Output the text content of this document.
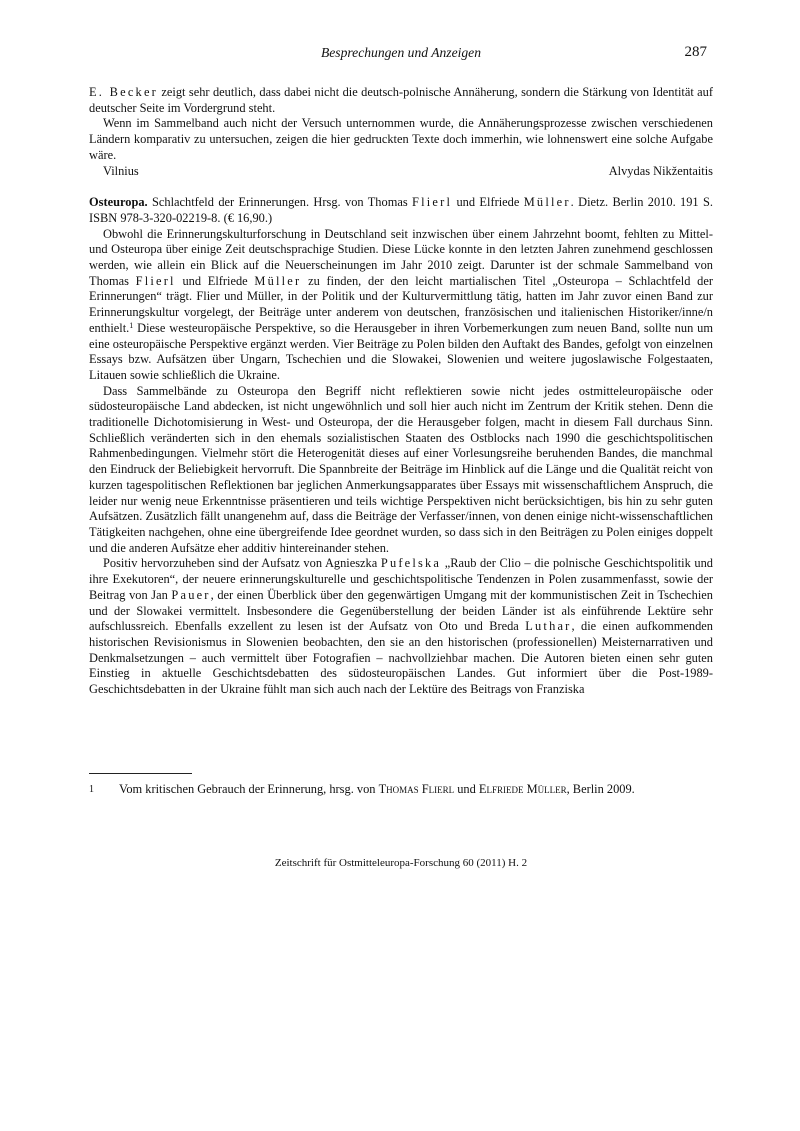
Besprechungen und Anzeigen	287

E. Becker zeigt sehr deutlich, dass dabei nicht die deutsch-polnische Annäherung, sondern die Stärkung von Identität auf deutscher Seite im Vordergrund steht.

Wenn im Sammelband auch nicht der Versuch unternommen wurde, die Annäherungsprozesse zwischen verschiedenen Ländern komparativ zu untersuchen, zeigen die hier gedruckten Texte doch immerhin, wie lohnenswert eine solche Aufgabe wäre.

Vilnius	Alvydas Nikžentaitis

Osteuropa. Schlachtfeld der Erinnerungen. Hrsg. von Thomas Flierl und Elfriede Müller. Dietz. Berlin 2010. 191 S. ISBN 978-3-320-02219-8. (€ 16,90.)

Obwohl die Erinnerungskulturforschung in Deutschland seit inzwischen über einem Jahrzehnt boomt, fehlten zu Mittel- und Osteuropa über einige Zeit deutschsprachige Studien. Diese Lücke konnte in den letzten Jahren zunehmend geschlossen werden, wie allein ein Blick auf die Neuerscheinungen im Jahr 2010 zeigt. Darunter ist der schmale Sammelband von Thomas Flierl und Elfriede Müller zu finden, der den leicht martialischen Titel „Osteuropa – Schlachtfeld der Erinnerungen“ trägt. Flier und Müller, in der Politik und der Kulturvermittlung tätig, hatten im Jahr zuvor einen Band zur Erinnerungskultur vorgelegt, der Beiträge unter anderem von deutschen, französischen und italienischen Historiker/inne/n enthielt.$^1$ Diese westeuropäische Perspektive, so die Herausgeber in ihren Vorbemerkungen zum neuen Band, sollte nun um eine osteuropäische Perspektive ergänzt werden. Vier Beiträge zu Polen bilden den Auftakt des Bandes, gefolgt von einzelnen Essays bzw. Aufsätzen über Ungarn, Tschechien und die Slowakei, Slowenien und weitere jugoslawische Folgestaaten, Litauen sowie schließlich die Ukraine.

Dass Sammelbände zu Osteuropa den Begriff nicht reflektieren sowie nicht jedes ostmitteleuropäische oder südosteuropäische Land abdecken, ist nicht ungewöhnlich und soll hier auch nicht im Zentrum der Kritik stehen. Denn die traditionelle Dichotomisierung in West- und Osteuropa, der die Herausgeber folgen, macht in diesem Fall durchaus Sinn. Schließlich veränderten sich in den ehemals sozialistischen Staaten des Ostblocks nach 1990 die geschichtspolitischen Rahmenbedingungen. Vielmehr stört die Heterogenität dieses auf einer Vorlesungsreihe beruhenden Bandes, die manchmal den Eindruck der Beliebigkeit hervorruft. Die Spannbreite der Beiträge im Hinblick auf die Länge und die Qualität reicht von kurzen tagespolitischen Reflektionen bar jeglichen Anmerkungsapparates über Essays mit wissenschaftlichem Anspruch, die leider nur wenig neue Erkenntnisse präsentieren und teils wichtige Perspektiven nicht berücksichtigen, bis hin zu sehr guten Aufsätzen. Zusätzlich fällt unangenehm auf, dass die Beiträge der Verfasser/innen, von denen einige nicht-wissenschaftlichen Tätigkeiten nachgehen, ohne eine übergreifende Idee geordnet wurden, so dass sich in den Beiträgen zu Polen einiges doppelt und die anderen Aufsätze eher additiv hintereinander stehen.

Positiv hervorzuheben sind der Aufsatz von Agnieszka Pufelska „Raub der Clio – die polnische Geschichtspolitik und ihre Exekutoren“, der neuere erinnerungskulturelle und geschichtspolitische Tendenzen in Polen zusammenfasst, sowie der Beitrag von Jan Pauer, der einen Überblick über den gegenwärtigen Umgang mit der kommunistischen Zeit in Tschechien und der Slowakei vermittelt. Insbesondere die Gegenüberstellung der beiden Länder ist als einführende Lektüre sehr aufschlussreich. Ebenfalls exzellent zu lesen ist der Aufsatz von Oto und Breda Luthar, die einen aufkommenden historischen Revisionismus in Slowenien beobachten, den sie an den historischen (professionellen) Meisternarrativen und Denkmalsetzungen – auch vermittelt über Fotografien – nachvollziehbar machen. Die Autoren bieten einen sehr guten Einstieg in aktuelle Geschichtsdebatten des südosteuropäischen Landes. Gut informiert über die Post-1989-Geschichtsdebatten in der Ukraine fühlt man sich auch nach der Lektüre des Beitrags von Franziska

1 Vom kritischen Gebrauch der Erinnerung, hrsg. von Thomas Flierl und Elfriede Müller, Berlin 2009.

Zeitschrift für Ostmitteleuropa-Forschung 60 (2011) H. 2
